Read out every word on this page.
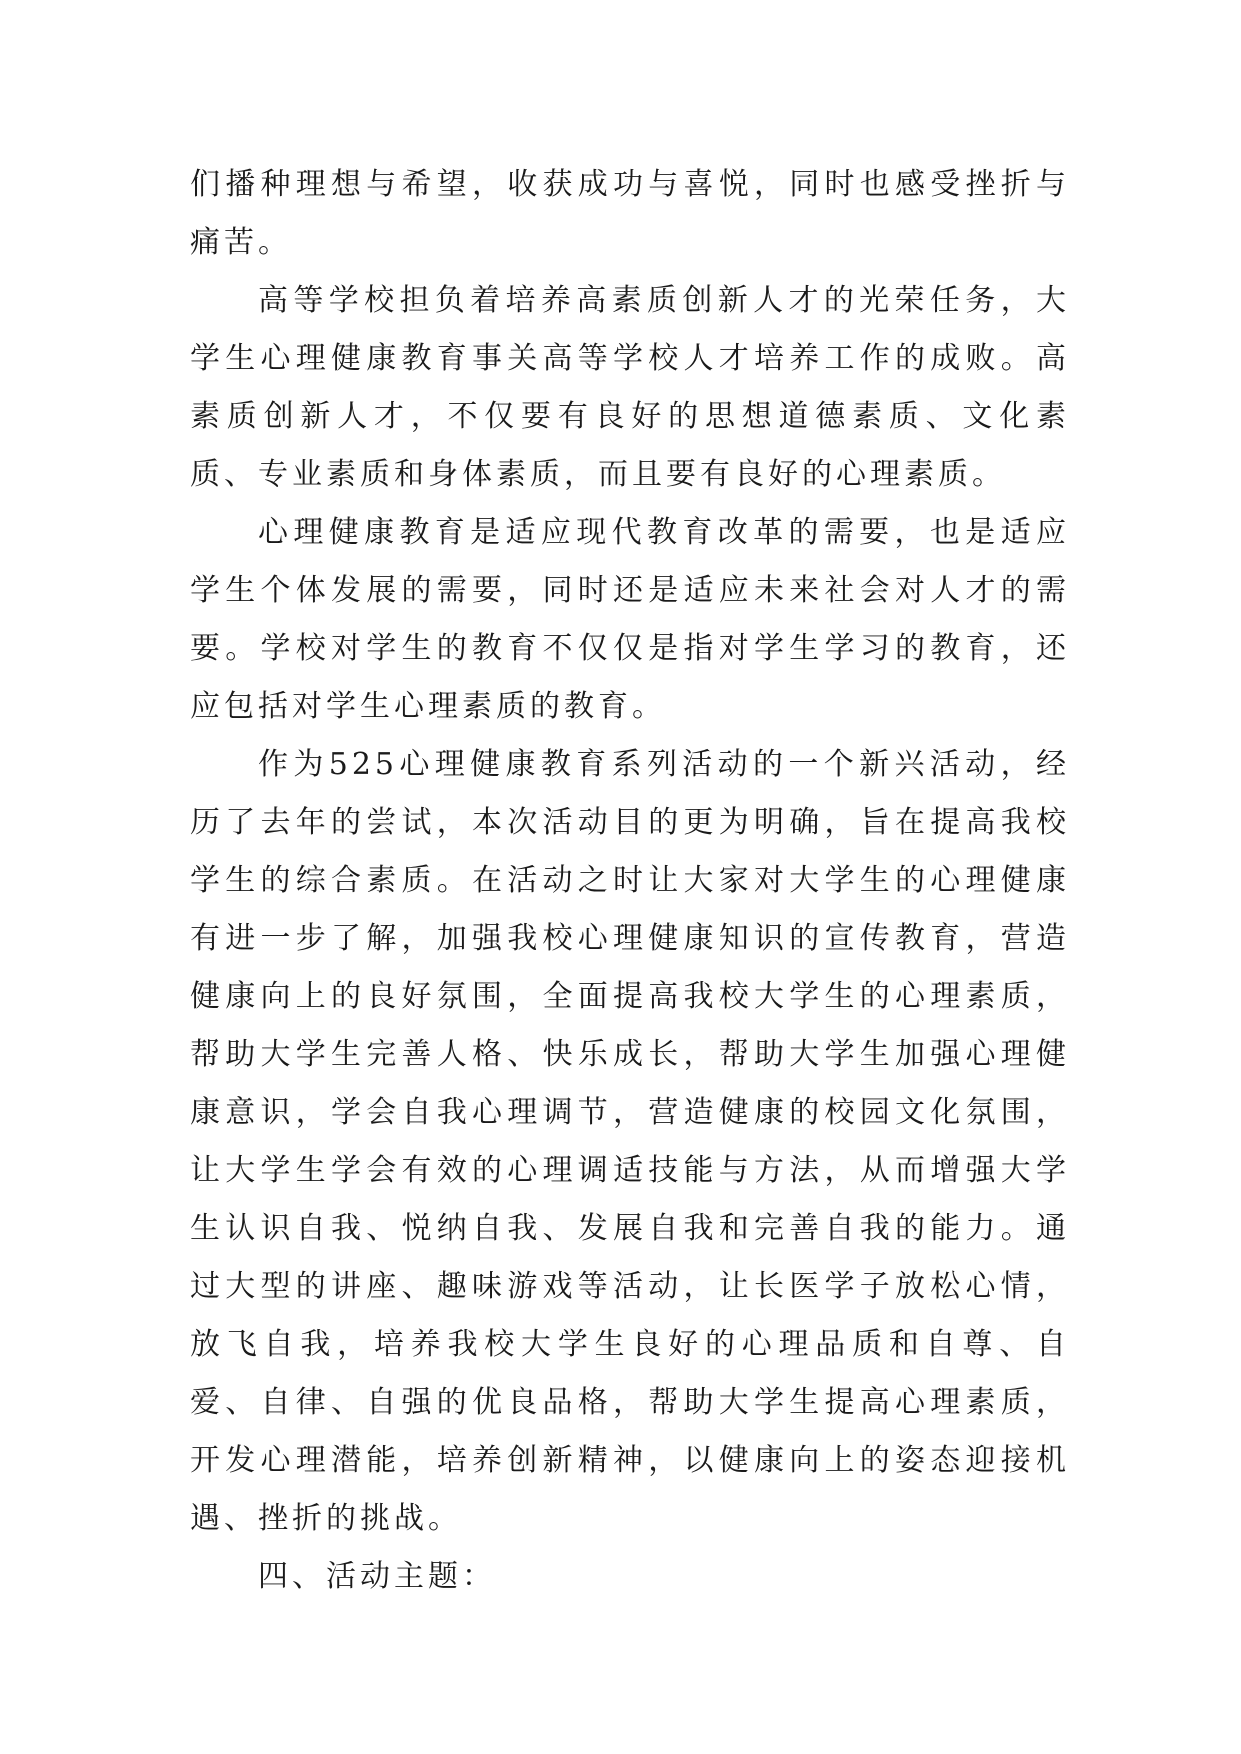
们播种理想与希望，收获成功与喜悦，同时也感受挫折与痛苦。

高等学校担负着培养高素质创新人才的光荣任务，大学生心理健康教育事关高等学校人才培养工作的成败。高素质创新人才，不仅要有良好的思想道德素质、文化素质、专业素质和身体素质，而且要有良好的心理素质。

心理健康教育是适应现代教育改革的需要，也是适应学生个体发展的需要，同时还是适应未来社会对人才的需要。学校对学生的教育不仅仅是指对学生学习的教育，还应包括对学生心理素质的教育。

作为525心理健康教育系列活动的一个新兴活动，经历了去年的尝试，本次活动目的更为明确，旨在提高我校学生的综合素质。在活动之时让大家对大学生的心理健康有进一步了解，加强我校心理健康知识的宣传教育，营造健康向上的良好氛围，全面提高我校大学生的心理素质，帮助大学生完善人格、快乐成长，帮助大学生加强心理健康意识，学会自我心理调节，营造健康的校园文化氛围，让大学生学会有效的心理调适技能与方法，从而增强大学生认识自我、悦纳自我、发展自我和完善自我的能力。通过大型的讲座、趣味游戏等活动，让长医学子放松心情，放飞自我，培养我校大学生良好的心理品质和自尊、自爱、自律、自强的优良品格，帮助大学生提高心理素质，开发心理潜能，培养创新精神，以健康向上的姿态迎接机遇、挫折的挑战。

四、活动主题：
